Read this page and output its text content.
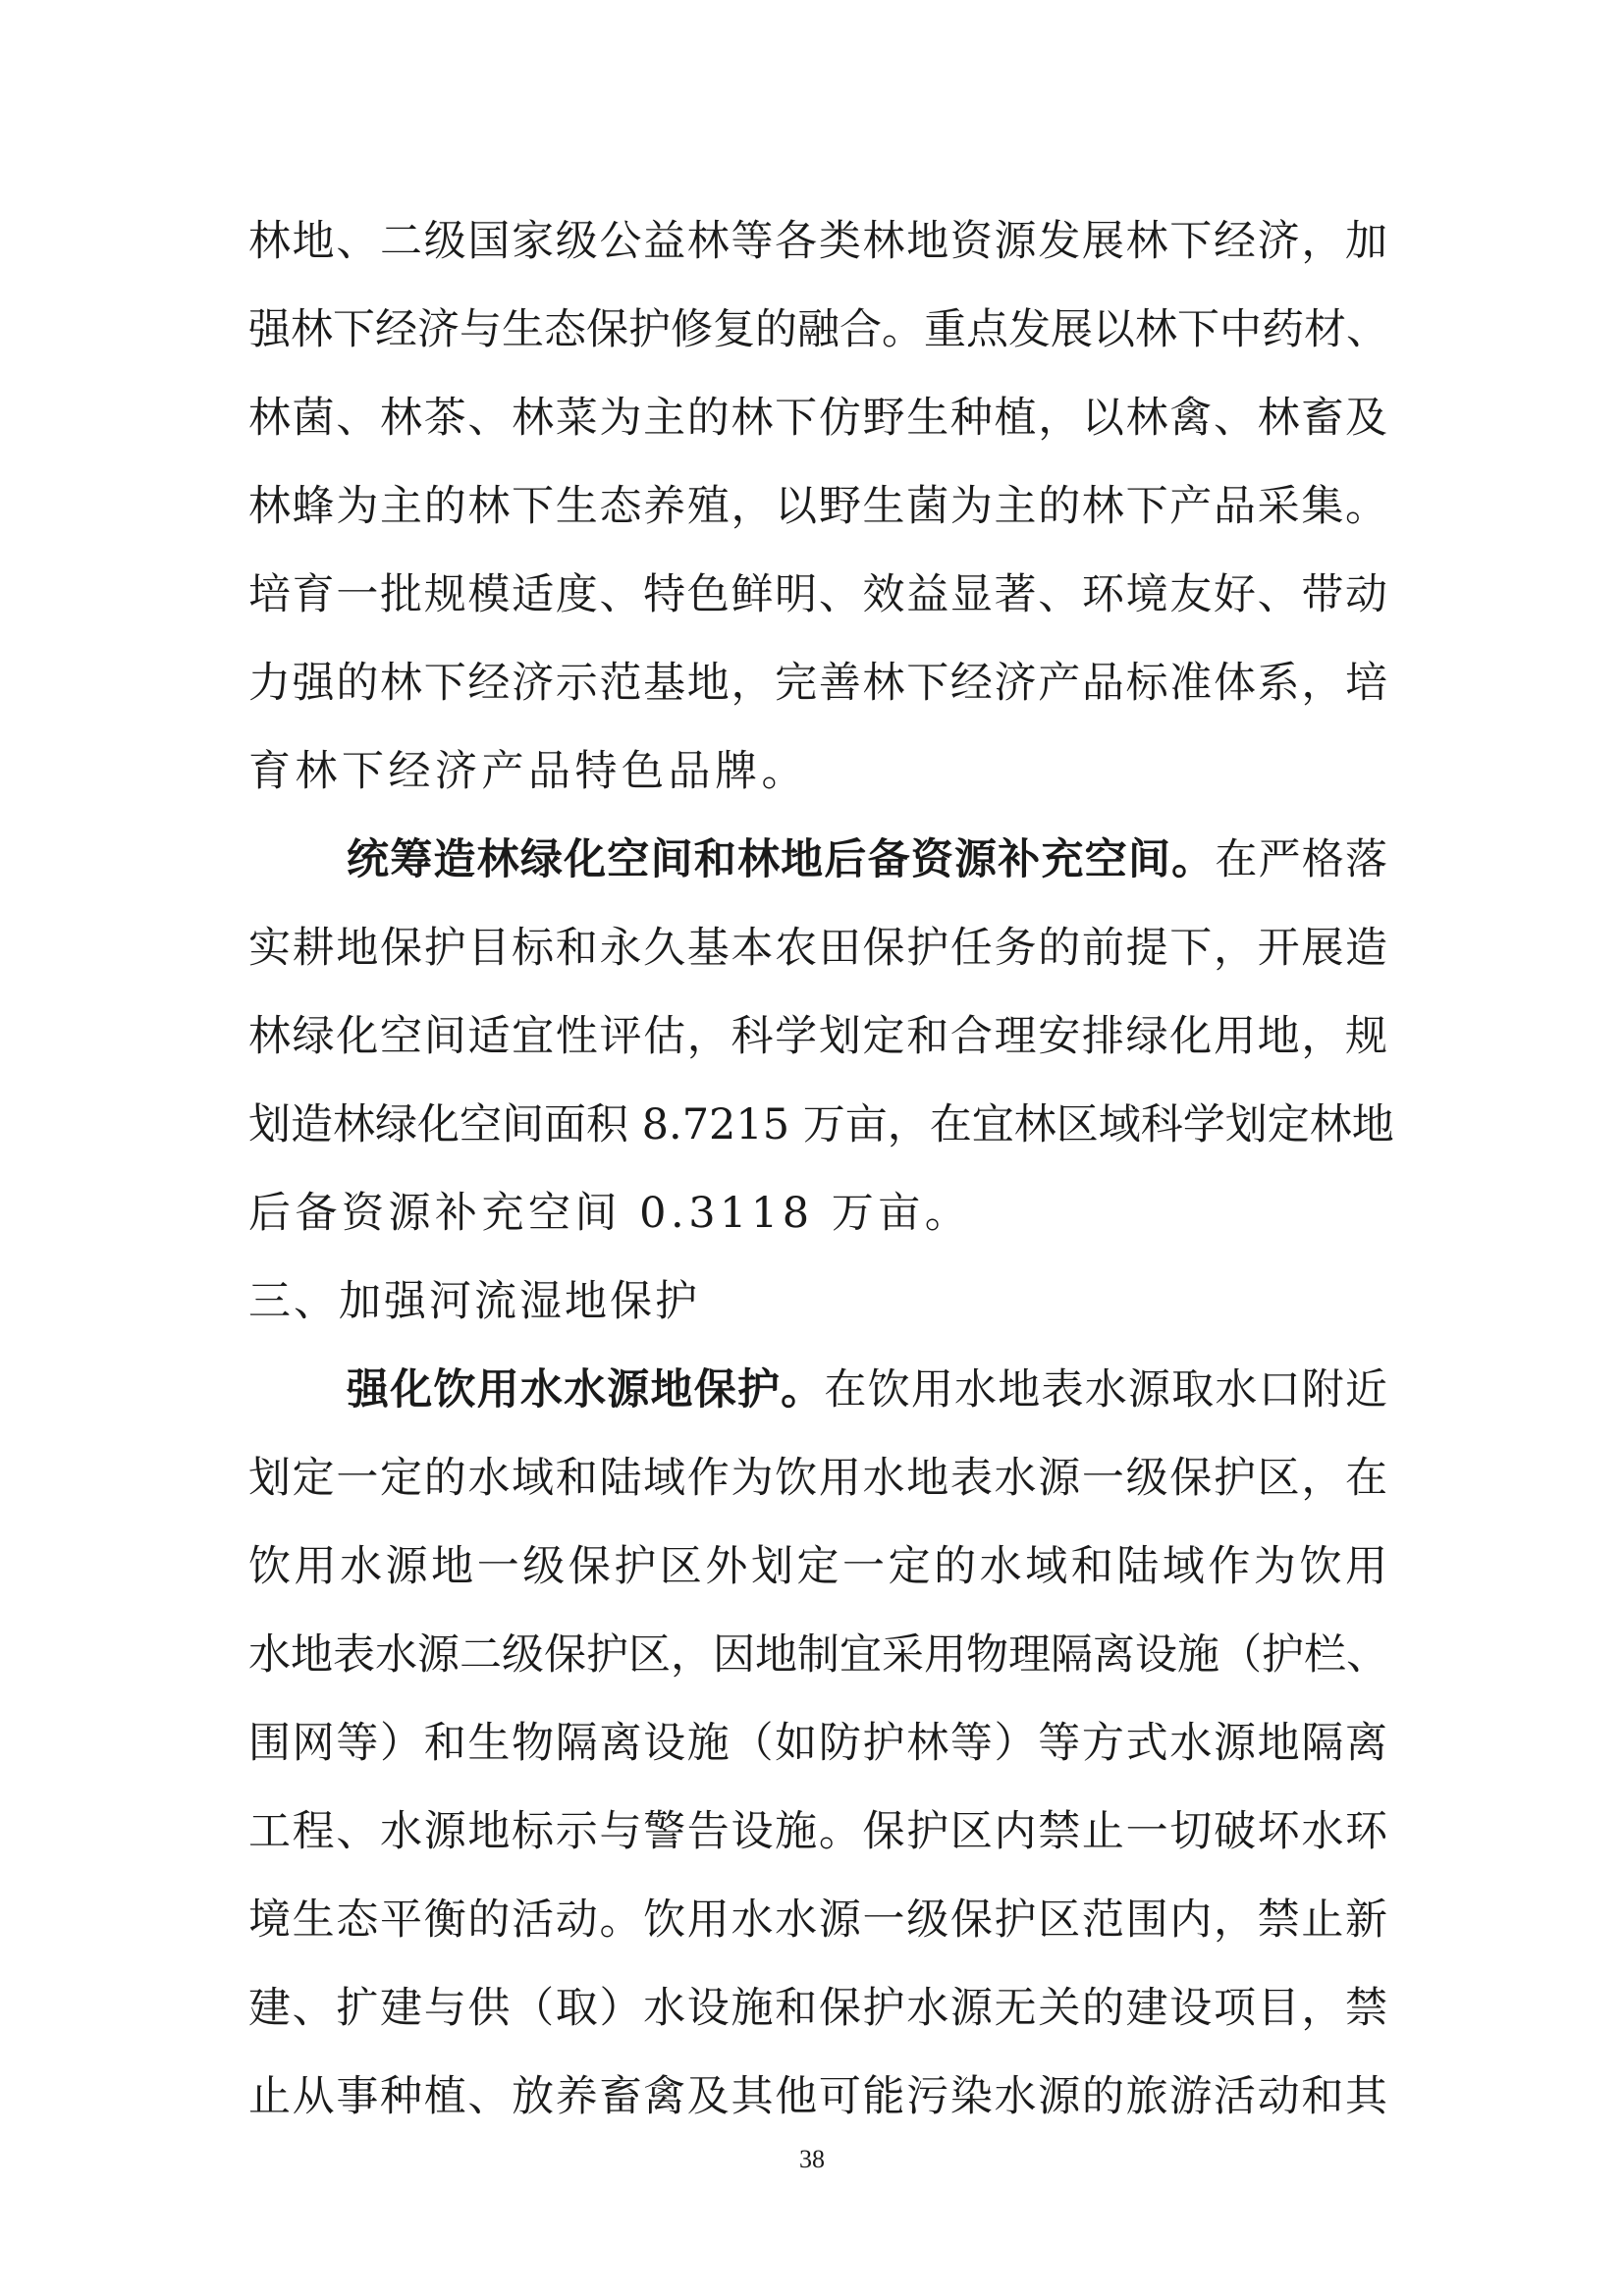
林地、二级国家级公益林等各类林地资源发展林下经济，加
强林下经济与生态保护修复的融合。重点发展以林下中药材、
林菌、林茶、林菜为主的林下仿野生种植，以林禽、林畜及
林蜂为主的林下生态养殖，以野生菌为主的林下产品采集。
培育一批规模适度、特色鲜明、效益显著、环境友好、带动
力强的林下经济示范基地，完善林下经济产品标准体系，培
育林下经济产品特色品牌。
统筹造林绿化空间和林地后备资源补充空间。在严格落
实耕地保护目标和永久基本农田保护任务的前提下，开展造
林绿化空间适宜性评估，科学划定和合理安排绿化用地，规
划造林绿化空间面积 8.7215 万亩，在宜林区域科学划定林地
后备资源补充空间 0.3118 万亩。
三、加强河流湿地保护
强化饮用水水源地保护。在饮用水地表水源取水口附近
划定一定的水域和陆域作为饮用水地表水源一级保护区，在
饮用水源地一级保护区外划定一定的水域和陆域作为饮用
水地表水源二级保护区，因地制宜采用物理隔离设施（护栏、
围网等）和生物隔离设施（如防护林等）等方式水源地隔离
工程、水源地标示与警告设施。保护区内禁止一切破坏水环
境生态平衡的活动。饮用水水源一级保护区范围内，禁止新
建、扩建与供（取）水设施和保护水源无关的建设项目，禁
止从事种植、放养畜禽及其他可能污染水源的旅游活动和其
38
